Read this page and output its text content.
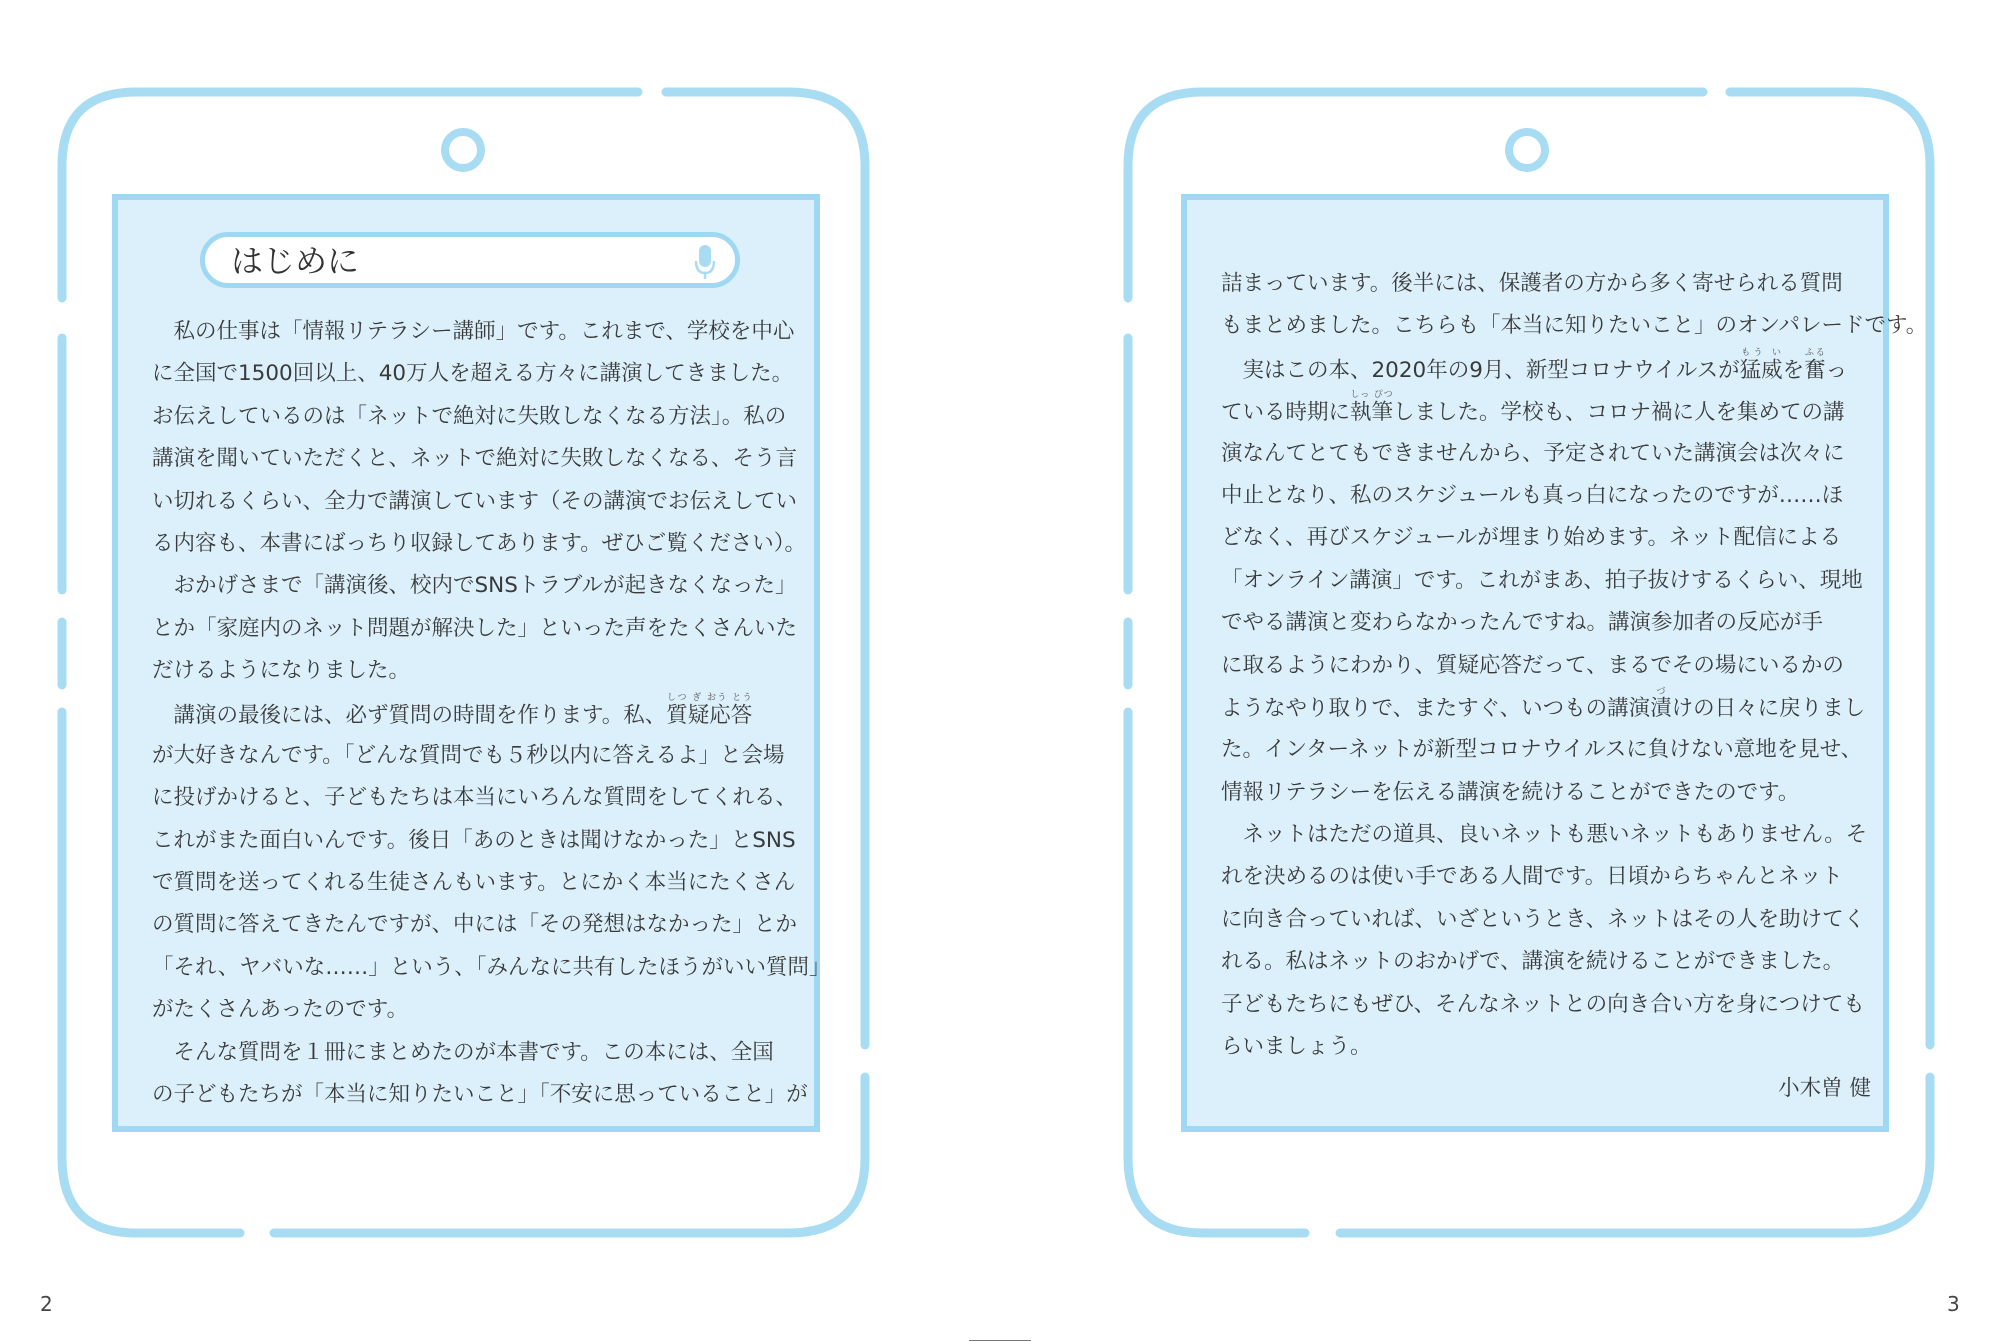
はじめに
　私の仕事は「情報リテラシー講師」です。これまで、学校を中心
に全国で1500回以上、40万人を超える方々に講演してきました。
お伝えしているのは「ネットで絶対に失敗しなくなる方法」。私の
講演を聞いていただくと、ネットで絶対に失敗しなくなる、そう言
い切れるくらい、全力で講演しています（その講演でお伝えしてい
る内容も、本書にばっちり収録してあります。ぜひご覧ください）。
　おかげさまで「講演後、校内でSNSトラブルが起きなくなった」
とか「家庭内のネット問題が解決した」といった声をたくさんいた
だけるようになりました。
　講演の最後には、必ず質問の時間を作ります。私、質疑応答しつ ぎ おう とう
が大好きなんです。「どんな質問でも５秒以内に答えるよ」と会場
に投げかけると、子どもたちは本当にいろんな質問をしてくれる、
これがまた面白いんです。後日「あのときは聞けなかった」とSNS
で質問を送ってくれる生徒さんもいます。とにかく本当にたくさん
の質問に答えてきたんですが、中には「その発想はなかった」とか
「それ、ヤバいな……」という、「みんなに共有したほうがいい質問」
がたくさんあったのです。
　そんな質問を１冊にまとめたのが本書です。この本には、全国
の子どもたちが「本当に知りたいこと」「不安に思っていること」が
詰まっています。後半には、保護者の方から多く寄せられる質問
もまとめました。こちらも「本当に知りたいこと」のオンパレードです。
　実はこの本、2020年の9月、新型コロナウイルスが猛威もう いを奮ふるっ
ている時期に執筆しっ ぴつしました。学校も、コロナ禍に人を集めての講
演なんてとてもできませんから、予定されていた講演会は次々に
中止となり、私のスケジュールも真っ白になったのですが……ほ
どなく、再びスケジュールが埋まり始めます。ネット配信による
「オンライン講演」です。これがまあ、拍子抜けするくらい、現地
でやる講演と変わらなかったんですね。講演参加者の反応が手
に取るようにわかり、質疑応答だって、まるでその場にいるかの
ようなやり取りで、またすぐ、いつもの講演漬づけの日々に戻りまし
た。インターネットが新型コロナウイルスに負けない意地を見せ、
情報リテラシーを伝える講演を続けることができたのです。
　ネットはただの道具、良いネットも悪いネットもありません。そ
れを決めるのは使い手である人間です。日頃からちゃんとネット
に向き合っていれば、いざというとき、ネットはその人を助けてく
れる。私はネットのおかげで、講演を続けることができました。
子どもたちにもぜひ、そんなネットとの向き合い方を身につけても
らいましょう。
小木曽 健
2	3
